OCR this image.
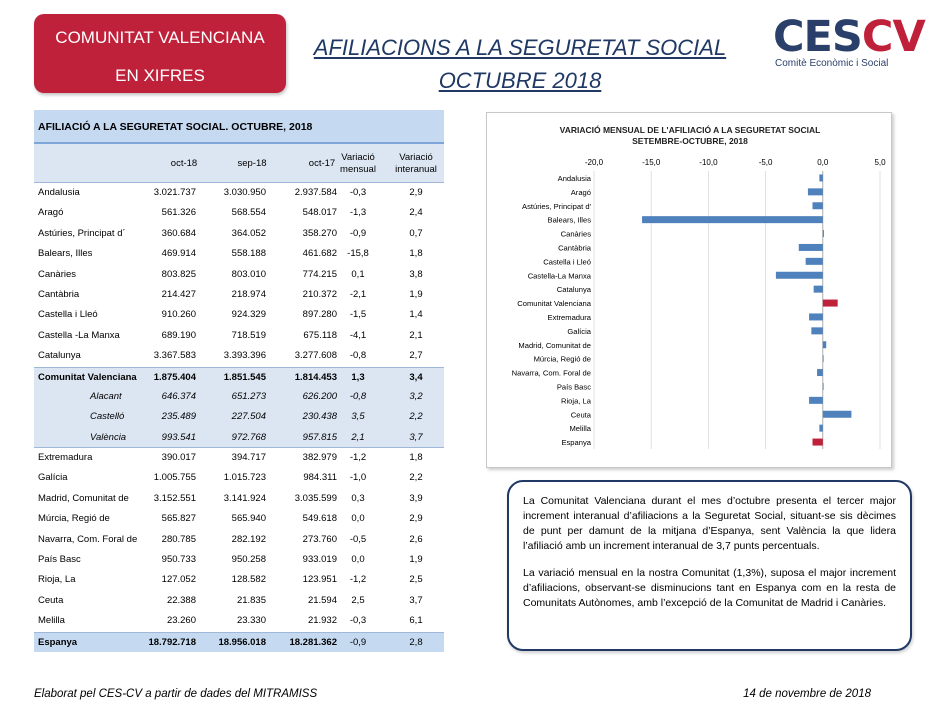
COMUNITAT VALENCIANA
EN XIFRES
AFILIACIONS A LA SEGURETAT SOCIAL
OCTUBRE 2018
CESCV
Comitè Econòmic i Social
AFILIACIÓ A LA SEGURETAT SOCIAL. OCTUBRE, 2018
oct-18	sep-18	oct-17
Variació mensual
Variació interanual
Andalusia	3.021.737	3.030.950	2.937.584	-0,3	2,9
Aragó	561.326	568.554	548.017	-1,3	2,4
Astúries, Principat d´	360.684	364.052	358.270	-0,9	0,7
Balears, Illes	469.914	558.188	461.682	-15,8	1,8
Canàries	803.825	803.010	774.215	0,1	3,8
Cantàbria	214.427	218.974	210.372	-2,1	1,9
Castella i Lleó	910.260	924.329	897.280	-1,5	1,4
Castella -La Manxa	689.190	718.519	675.118	-4,1	2,1
Catalunya	3.367.583	3.393.396	3.277.608	-0,8	2,7
Comunitat Valenciana 1.875.404	1.851.545	1.814.453	1,3	3,4
Alacant	646.374	651.273	626.200	-0,8	3,2
Castelló	235.489	227.504	230.438	3,5	2,2
València	993.541	972.768	957.815	2,1	3,7
Extremadura	390.017	394.717	382.979	-1,2	1,8
Galícia	1.005.755	1.015.723	984.311	-1,0	2,2
Madrid, Comunitat de	3.152.551	3.141.924	3.035.599	0,3	3,9
Múrcia, Regió de	565.827	565.940	549.618	0,0	2,9
Navarra, Com. Foral de	280.785	282.192	273.760	-0,5	2,6
País Basc	950.733	950.258	933.019	0,0	1,9
Rioja, La	127.052	128.582	123.951	-1,2	2,5
Ceuta	22.388	21.835	21.594	2,5	3,7
Melilla	23.260	23.330	21.932	-0,3	6,1
Espanya	18.792.718 18.956.018 18.281.362	-0,9	2,8
VARIACIÓ MENSUAL DE L'AFILIACIÓ A LA SEGURETAT SOCIAL
SETEMBRE-OCTUBRE, 2018
Andalusia
Aragó
Astúries, Principat d'
Balears, Illes
Canàries
Cantàbria
Castella i Lleó
Castella-La Manxa
Catalunya
Comunitat Valenciana
Extremadura
Galícia
Madrid, Comunitat de
Múrcia, Regió de
Navarra, Com. Foral de
País Basc
Rioja, La
Ceuta
Melilla
Espanya
-20,0	-15,0	-10,0	-5,0	0,0	5,0

La Comunitat Valenciana durant el mes d’octubre presenta el tercer major increment interanual d’afiliacions a la Seguretat Social, situant-se sis dècimes de punt per damunt de la mitjana d’Espanya, sent València la que lidera l’afiliació amb un increment interanual de 3,7 punts percentuals.

La variació mensual en la nostra Comunitat (1,3%), suposa el major increment d’afiliacions, observant-se disminucions tant en Espanya com en la resta de Comunitats Autònomes, amb l’excepció de la Comunitat de Madrid i Canàries.

Elaborat pel CES-CV a partir de dades del MITRAMISS	14 de novembre de 2018
